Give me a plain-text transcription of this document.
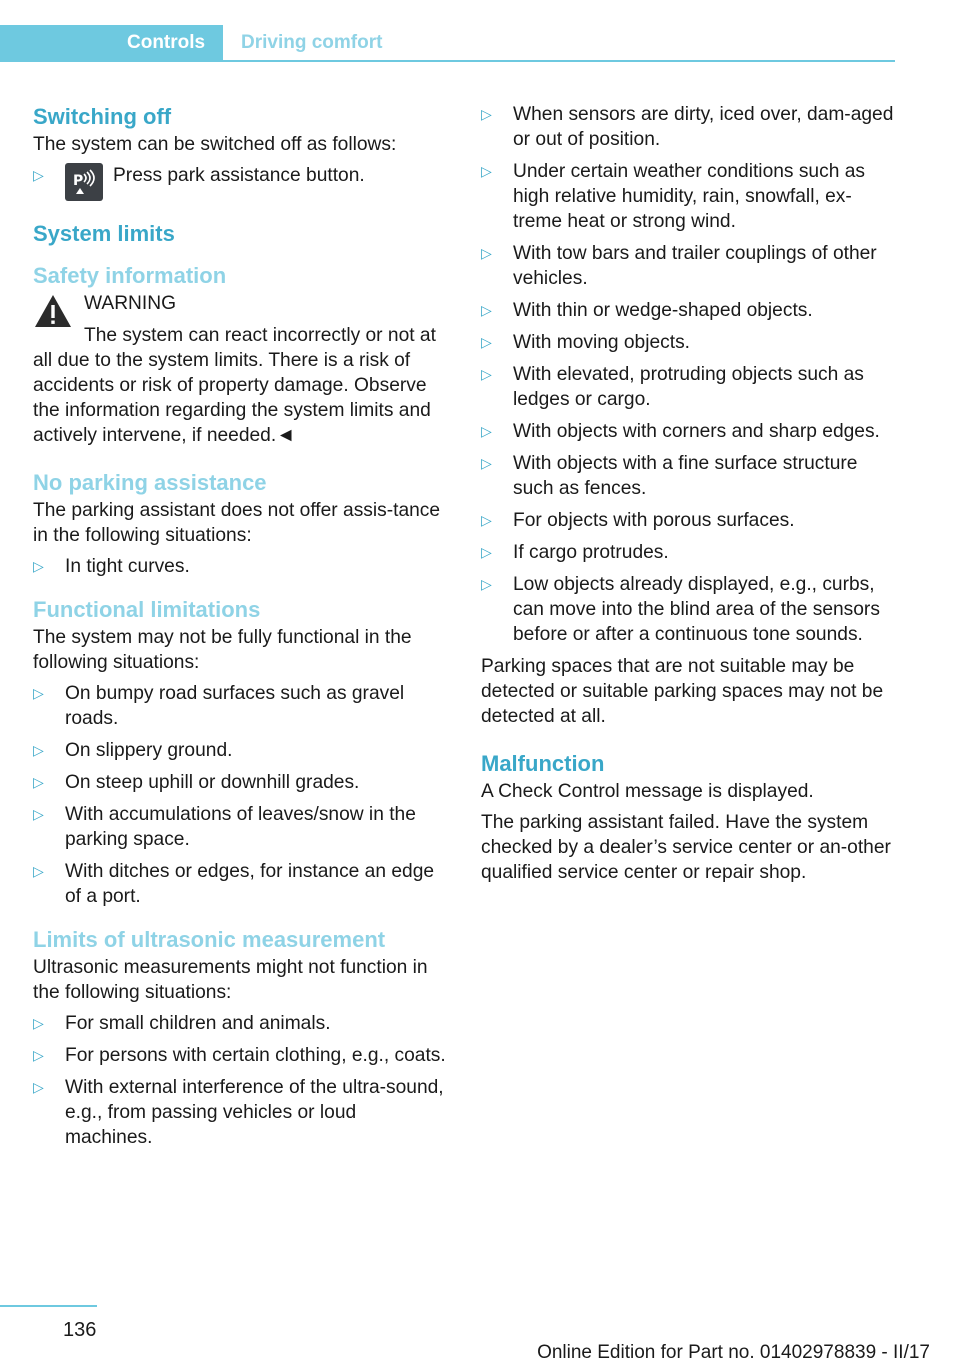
Controls	Driving comfort
Switching off

The system can be switched off as follows:

▷ P Press park assistance button.
System limits
Safety information

WARNING

The system can react incorrectly or not at all due to the system limits. There is a risk of accidents or risk of property damage. Observe the information regarding the system limits and actively intervene, if needed.◄

No parking assistance

The parking assistant does not offer assis-tance in the following situations:

▷ In tight curves.
Functional limitations

The system may not be fully functional in the following situations:

▷ On bumpy road surfaces such as gravel roads.
▷ On slippery ground.
▷ On steep uphill or downhill grades.
▷ With accumulations of leaves/snow in the parking space.
▷ With ditches or edges, for instance an edge of a port.
Limits of ultrasonic measurement

Ultrasonic measurements might not function in the following situations:

▷ For small children and animals.
▷ For persons with certain clothing, e.g., coats.
▷ With external interference of the ultra-sound, e.g., from passing vehicles or loud machines.
▷ When sensors are dirty, iced over, dam-aged or out of position.
▷ Under certain weather conditions such as high relative humidity, rain, snowfall, ex-treme heat or strong wind.
▷ With tow bars and trailer couplings of other vehicles.
▷ With thin or wedge-shaped objects.
▷ With moving objects.
▷ With elevated, protruding objects such as ledges or cargo.
▷ With objects with corners and sharp edges.
▷ With objects with a fine surface structure such as fences.
▷ For objects with porous surfaces.
▷ If cargo protrudes.
▷ Low objects already displayed, e.g., curbs, can move into the blind area of the sensors before or after a continuous tone sounds.

Parking spaces that are not suitable may be detected or suitable parking spaces may not be detected at all.

Malfunction

A Check Control message is displayed.

The parking assistant failed. Have the system checked by a dealer’s service center or an-other qualified service center or repair shop.

136
Online Edition for Part no. 01402978839 - II/17
